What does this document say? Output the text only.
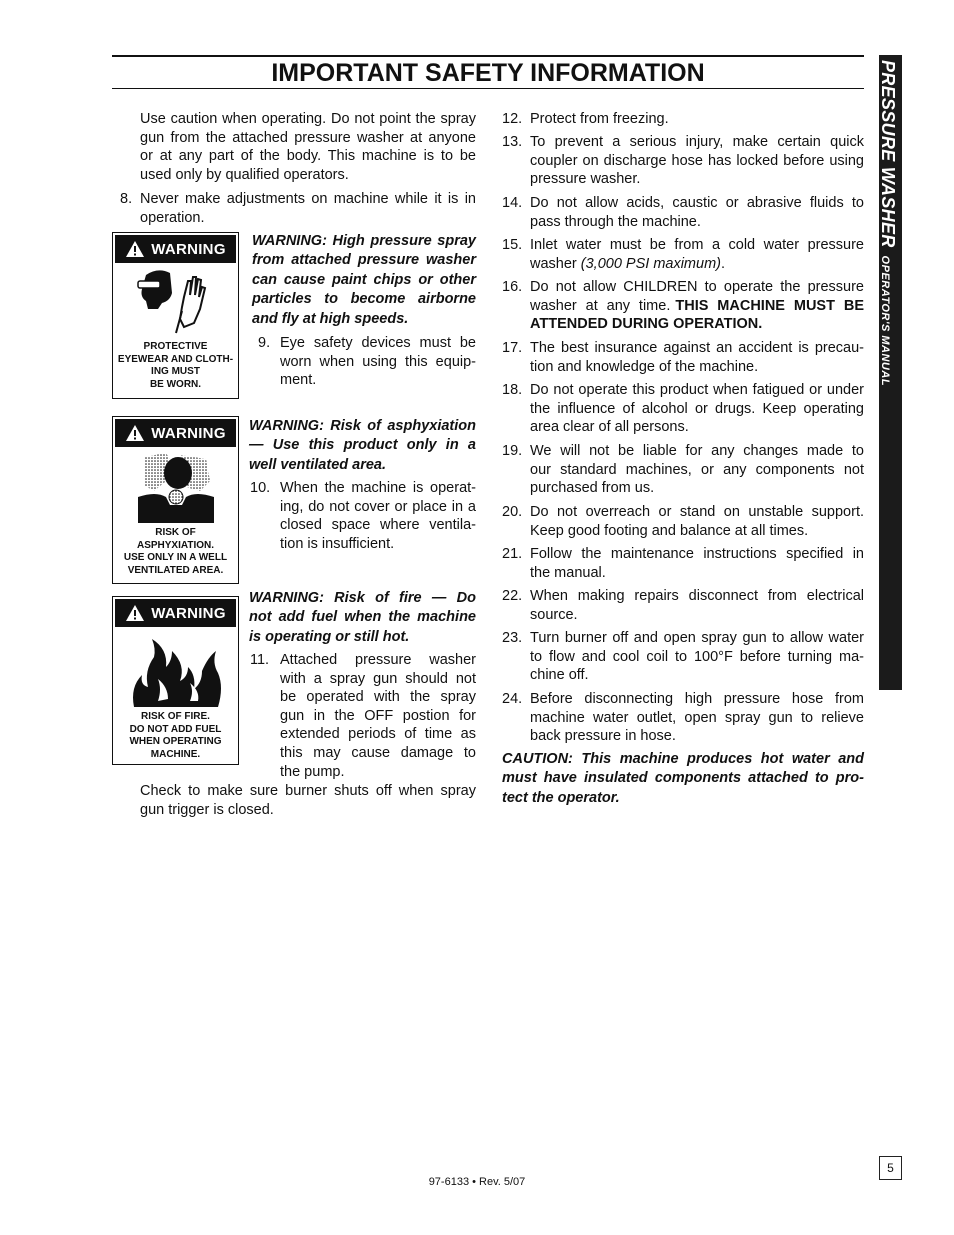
IMPORTANT SAFETY INFORMATION	PRESSURE WASHEROPERATOR'S MANUAL
Use caution when operating. Do not point the spray
gun from the attached pressure washer at anyone
or at any part of the body. This machine is to be
used only by qualified operators.
8. Never make adjustments on machine while it is in
operation.
WARNING
PROTECTIVE
EYEWEAR AND CLOTH-
ING MUST
BE WORN.
WARNING: High pressure spray
from attached pressure washer
can cause paint chips or other
particles to become airborne
and fly at high speeds.
9. Eye safety devices must be
worn when using this equip-
ment.
WARNING
RISK OF
ASPHYXIATION.
USE ONLY IN A WELL
VENTILATED AREA.
WARNING: Risk of asphyxiation
— Use this product only in a
well ventilated area.
10. When the machine is operat-
ing, do not cover or place in a
closed space where ventila-
tion is insufficient.
WARNING
RISK OF FIRE.
DO NOT ADD FUEL
WHEN OPERATING
MACHINE.
WARNING: Risk of fire — Do
not add fuel when the machine
is operating or still hot.
11. Attached pressure washer
with a spray gun should not
be operated with the spray
gun in the OFF postion for
extended periods of time as
this may cause damage to
the pump.
Check to make sure burner shuts off when spray
gun trigger is closed.
12. Protect from freezing.
13. To prevent a serious injury, make certain quick
coupler on discharge hose has locked before using
pressure washer.
14. Do not allow acids, caustic or abrasive fluids to
pass through the machine.
15. Inlet water must be from a cold water pressure
washer (3,000 PSI maximum).
16. Do not allow CHILDREN to operate the pressure
washer at any time. THIS MACHINE MUST BE
ATTENDED DURING OPERATION.
17. The best insurance against an accident is precau-
tion and knowledge of the machine.
18. Do not operate this product when fatigued or under
the influence of alcohol or drugs. Keep operating
area clear of all persons.
19. We will not be liable for any changes made to
our standard machines, or any components not
purchased from us.
20. Do not overreach or stand on unstable support.
Keep good footing and balance at all times.
21. Follow the maintenance instructions specified in
the manual.
22. When making repairs disconnect from electrical
source.
23. Turn burner off and open spray gun to allow water
to flow and cool coil to 100°F before turning ma-
chine off.
24. Before disconnecting high pressure hose from
machine water outlet, open spray gun to relieve
back pressure in hose.
CAUTION: This machine produces hot water and
must have insulated components attached to pro-
tect the operator.
5
97-6133 • Rev. 5/07
